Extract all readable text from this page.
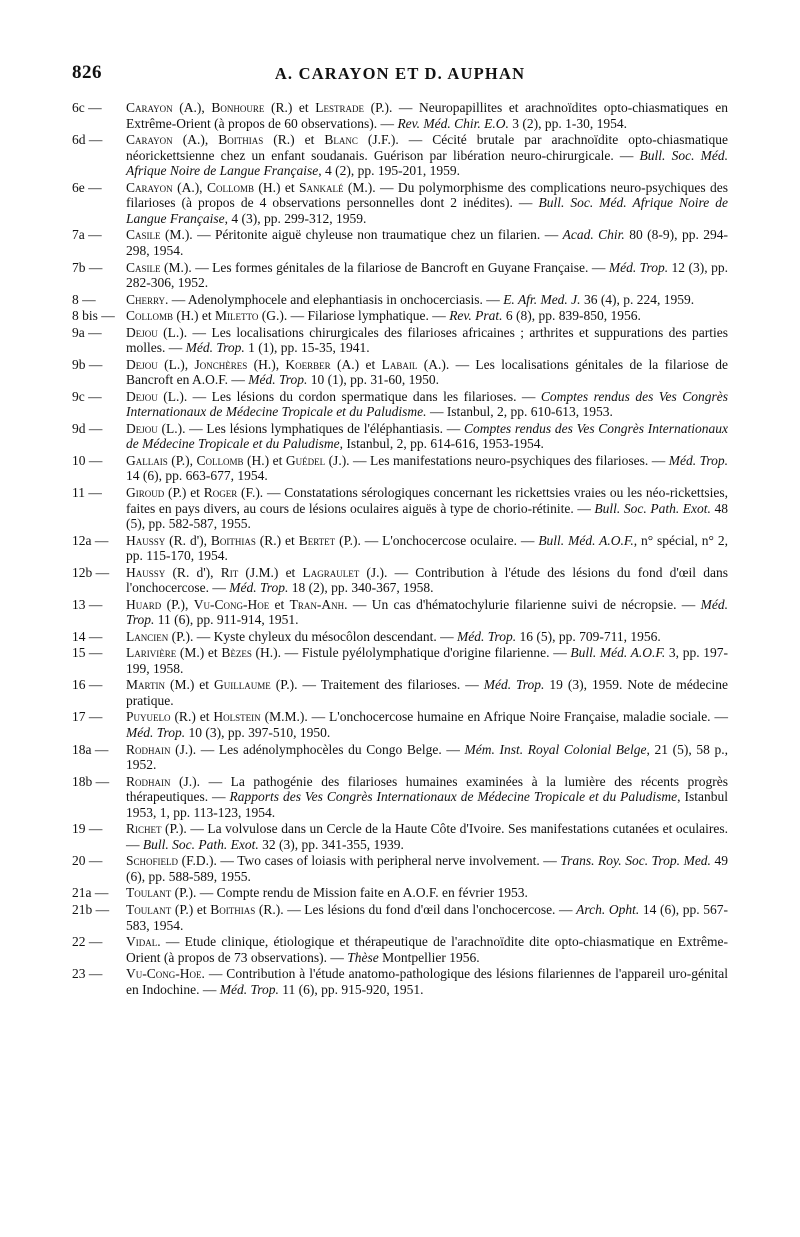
826	A. CARAYON ET D. AUPHAN
6c —	Carayon (A.), Bonhoure (R.) et Lestrade (P.). — Neuropapillites et arachnoïdites opto-chiasmatiques en Extrême-Orient (à propos de 60 observations). — Rev. Méd. Chir. E.O. 3 (2), pp. 1-30, 1954.
6d —	Carayon (A.), Boithias (R.) et Blanc (J.F.). — Cécité brutale par arachnoïdite opto-chiasmatique néorickettsienne chez un enfant soudanais. Guérison par libération neuro-chirurgicale. — Bull. Soc. Méd. Afrique Noire de Langue Française, 4 (2), pp. 195-201, 1959.
6e —	Carayon (A.), Collomb (H.) et Sankalé (M.). — Du polymorphisme des complications neuro-psychiques des filarioses (à propos de 4 observations personnelles dont 2 inédites). — Bull. Soc. Méd. Afrique Noire de Langue Française, 4 (3), pp. 299-312, 1959.
7a —	Casile (M.). — Péritonite aiguë chyleuse non traumatique chez un filarien. — Acad. Chir. 80 (8-9), pp. 294-298, 1954.
7b —	Casile (M.). — Les formes génitales de la filariose de Bancroft en Guyane Française. — Méd. Trop. 12 (3), pp. 282-306, 1952.
8 —	Cherry. — Adenolymphocele and elephantiasis in onchocerciasis. — E. Afr. Med. J. 36 (4), p. 224, 1959.
8 bis — Collomb (H.) et Miletto (G.). — Filariose lymphatique. — Rev. Prat. 6 (8), pp. 839-850, 1956.
9a —	Dejou (L.). — Les localisations chirurgicales des filarioses africaines ; arthrites et suppurations des parties molles. — Méd. Trop. 1 (1), pp. 15-35, 1941.
9b —	Dejou (L.), Jonchères (H.), Koerber (A.) et Labail (A.). — Les localisations génitales de la filariose de Bancroft en A.O.F. — Méd. Trop. 10 (1), pp. 31-60, 1950.
9c —	Dejou (L.). — Les lésions du cordon spermatique dans les filarioses. — Comptes rendus des Ves Congrès Internationaux de Médecine Tropicale et du Paludisme. — Istanbul, 2, pp. 610-613, 1953.
9d —	Dejou (L.). — Les lésions lymphatiques de l'éléphantiasis. — Comptes rendus des Ves Congrès Internationaux de Médecine Tropicale et du Paludisme, Istanbul, 2, pp. 614-616, 1953-1954.
10 —	Gallais (P.), Collomb (H.) et Guédel (J.). — Les manifestations neuro-psychiques des filarioses. — Méd. Trop. 14 (6), pp. 663-677, 1954.
11 —	Giroud (P.) et Roger (F.). — Constatations sérologiques concernant les rickettsies vraies ou les néo-rickettsies, faites en pays divers, au cours de lésions oculaires aiguës à type de chorio-rétinite. — Bull. Soc. Path. Exot. 48 (5), pp. 582-587, 1955.
12a —	Haussy (R. d'), Boithias (R.) et Bertet (P.). — L'onchocercose oculaire. — Bull. Méd. A.O.F., n° spécial, n° 2, pp. 115-170, 1954.
12b —	Haussy (R. d'), Rit (J.M.) et Lagraulet (J.). — Contribution à l'étude des lésions du fond d'œil dans l'onchocercose. — Méd. Trop. 18 (2), pp. 340-367, 1958.
13 —	Huard (P.), Vu-Cong-Hoe et Tran-Anh. — Un cas d'hématochylurie filarienne suivi de nécropsie. — Méd. Trop. 11 (6), pp. 911-914, 1951.
14 —	Lancien (P.). — Kyste chyleux du mésocôlon descendant. — Méd. Trop. 16 (5), pp. 709-711, 1956.
15 —	Larivière (M.) et Bèzes (H.). — Fistule pyélolymphatique d'origine filarienne. — Bull. Méd. A.O.F. 3, pp. 197-199, 1958.
16 —	Martin (M.) et Guillaume (P.). — Traitement des filarioses. — Méd. Trop. 19 (3), 1959. Note de médecine pratique.
17 —	Puyuelo (R.) et Holstein (M.M.). — L'onchocercose humaine en Afrique Noire Française, maladie sociale. — Méd. Trop. 10 (3), pp. 397-510, 1950.
18a —	Rodhain (J.). — Les adénolymphocèles du Congo Belge. — Mém. Inst. Royal Colonial Belge, 21 (5), 58 p., 1952.
18b —	Rodhain (J.). — La pathogénie des filarioses humaines examinées à la lumière des récents progrès thérapeutiques. — Rapports des Ves Congrès Internationaux de Médecine Tropicale et du Paludisme, Istanbul 1953, 1, pp. 113-123, 1954.
19 —	Richet (P.). — La volvulose dans un Cercle de la Haute Côte d'Ivoire. Ses manifestations cutanées et oculaires. — Bull. Soc. Path. Exot. 32 (3), pp. 341-355, 1939.
20 —	Schofield (F.D.). — Two cases of loiasis with peripheral nerve involvement. — Trans. Roy. Soc. Trop. Med. 49 (6), pp. 588-589, 1955.
21a —	Toulant (P.). — Compte rendu de Mission faite en A.O.F. en février 1953.
21b —	Toulant (P.) et Boithias (R.). — Les lésions du fond d'œil dans l'onchocercose. — Arch. Opht. 14 (6), pp. 567-583, 1954.
22 —	Vidal. — Etude clinique, étiologique et thérapeutique de l'arachnoïdite dite opto-chiasmatique en Extrême-Orient (à propos de 73 observations). — Thèse Montpellier 1956.
23 —	Vu-Cong-Hoe. — Contribution à l'étude anatomo-pathologique des lésions filariennes de l'appareil uro-génital en Indochine. — Méd. Trop. 11 (6), pp. 915-920, 1951.
